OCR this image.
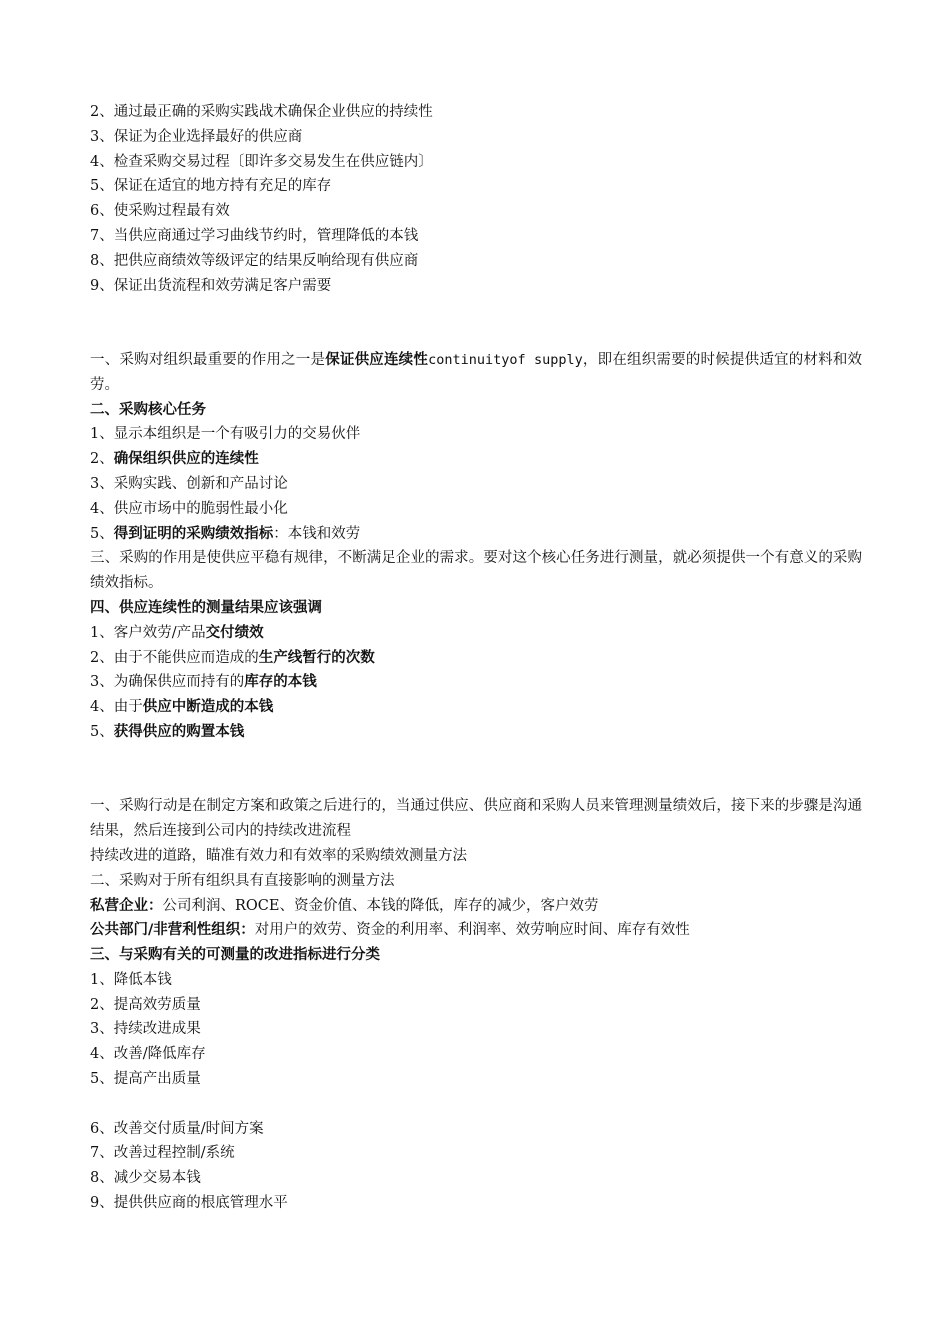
2、通过最正确的采购实践战术确保企业供应的持续性
3、保证为企业选择最好的供应商
4、检查采购交易过程〔即许多交易发生在供应链内〕
5、保证在适宜的地方持有充足的库存
6、使采购过程最有效
7、当供应商通过学习曲线节约时，管理降低的本钱
8、把供应商绩效等级评定的结果反响给现有供应商
9、保证出货流程和效劳满足客户需要
一、采购对组织最重要的作用之一是保证供应连续性continuityof supply，即在组织需要的时候提供适宜的材料和效劳。
二、采购核心任务
1、显示本组织是一个有吸引力的交易伙伴
2、确保组织供应的连续性
3、采购实践、创新和产品讨论
4、供应市场中的脆弱性最小化
5、得到证明的采购绩效指标：本钱和效劳
三、采购的作用是使供应平稳有规律，不断满足企业的需求。要对这个核心任务进行测量，就必须提供一个有意义的采购绩效指标。
四、供应连续性的测量结果应该强调
1、客户效劳/产品交付绩效
2、由于不能供应而造成的生产线暂行的次数
3、为确保供应而持有的库存的本钱
4、由于供应中断造成的本钱
5、获得供应的购置本钱
一、采购行动是在制定方案和政策之后进行的，当通过供应、供应商和采购人员来管理测量绩效后，接下来的步骤是沟通结果，然后连接到公司内的持续改进流程
持续改进的道路，瞄准有效力和有效率的采购绩效测量方法
二、采购对于所有组织具有直接影响的测量方法
私营企业：公司利润、ROCE、资金价值、本钱的降低，库存的减少，客户效劳
公共部门/非营利性组织：对用户的效劳、资金的利用率、利润率、效劳响应时间、库存有效性
三、与采购有关的可测量的改进指标进行分类
1、降低本钱
2、提高效劳质量
3、持续改进成果
4、改善/降低库存
5、提高产出质量
6、改善交付质量/时间方案
7、改善过程控制/系统
8、减少交易本钱
9、提供供应商的根底管理水平
